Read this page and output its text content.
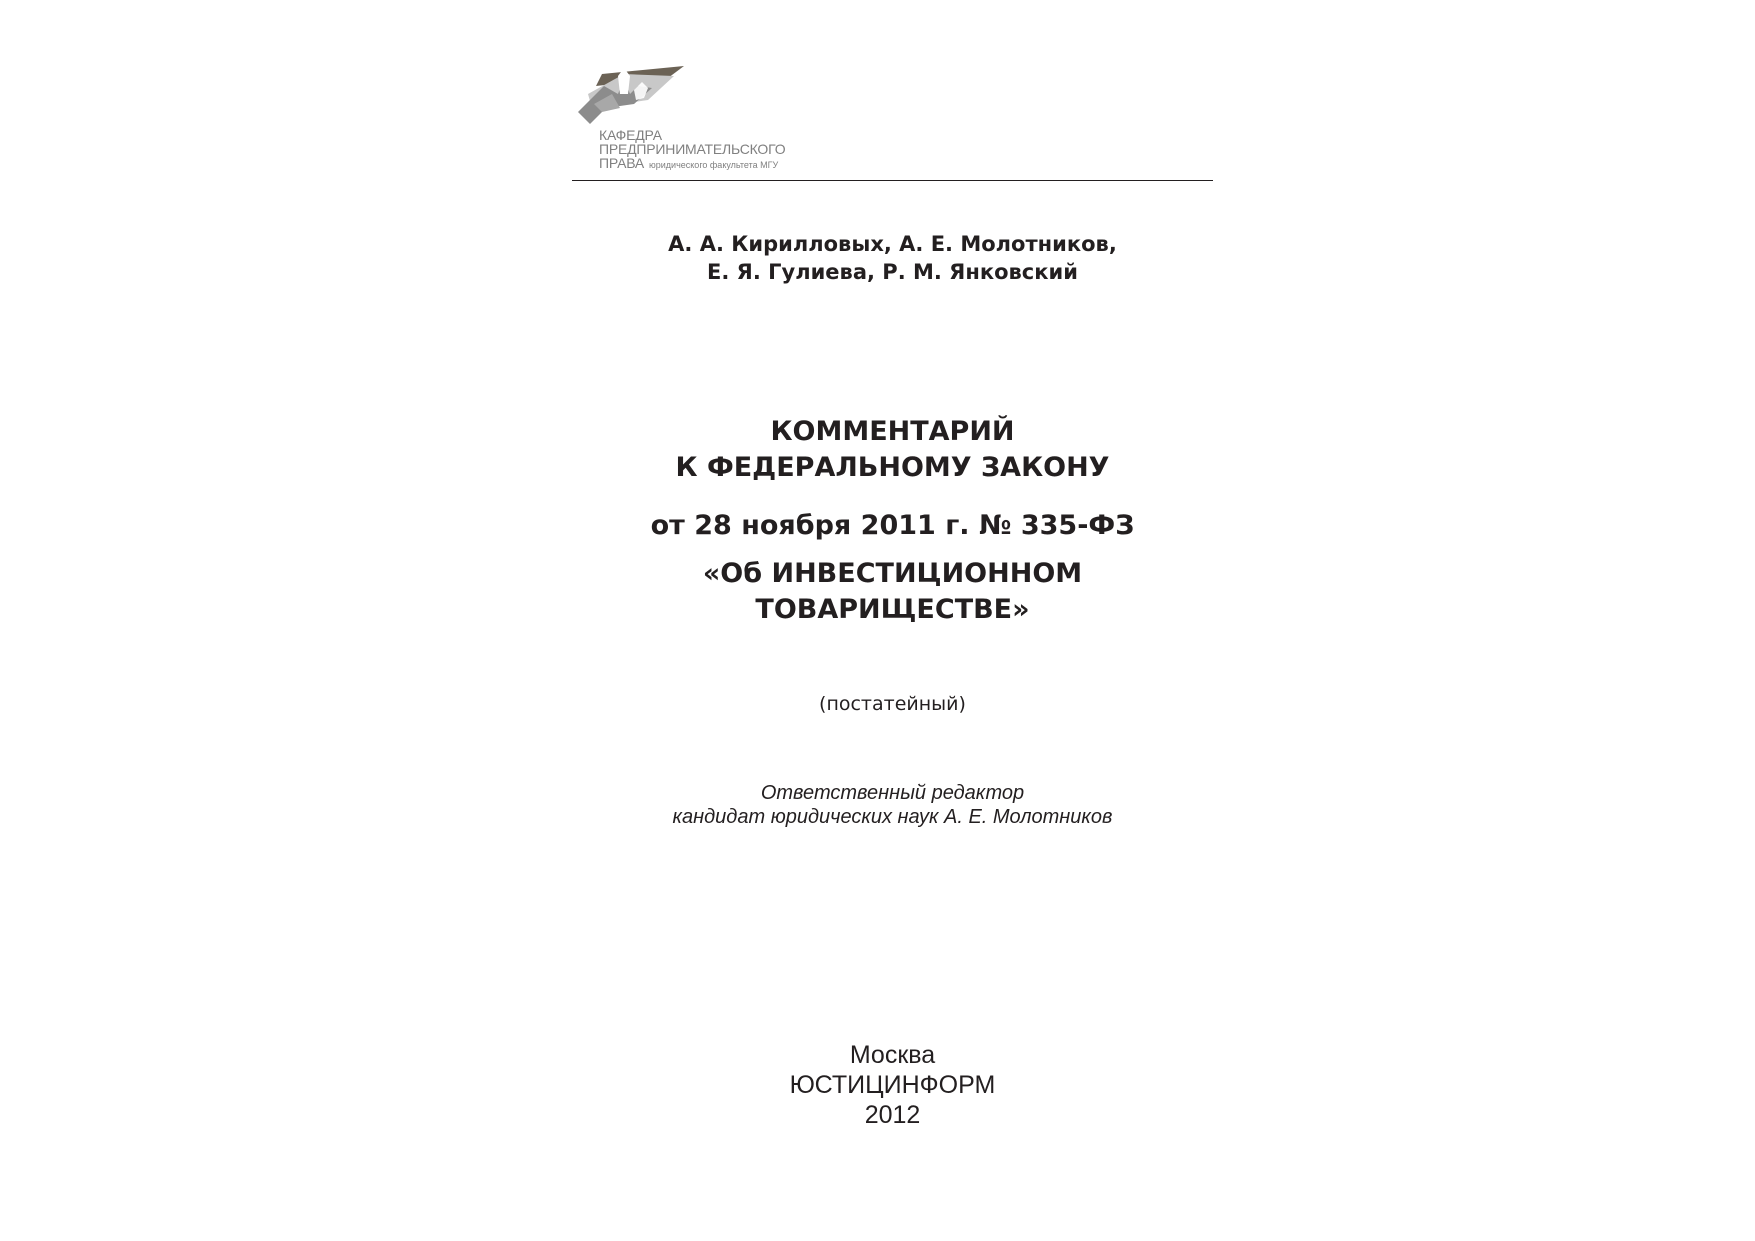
КАФЕДРА
ПРЕДПРИНИМАТЕЛЬСКОГО
ПРАВА юридического факультета МГУ
А. А. Кирилловых, А. Е. Молотников,
Е. Я. Гулиева, Р. М. Янковский
КОММЕНТАРИЙ
К ФЕДЕРАЛЬНОМУ ЗАКОНУ
от 28 ноября 2011 г. № 335-ФЗ
«Об ИНВЕСТИЦИОННОМ
ТОВАРИЩЕСТВЕ»
(постатейный)
Ответственный редактор
кандидат юридических наук А. Е. Молотников
Москва
ЮСТИЦИНФОРМ
2012
